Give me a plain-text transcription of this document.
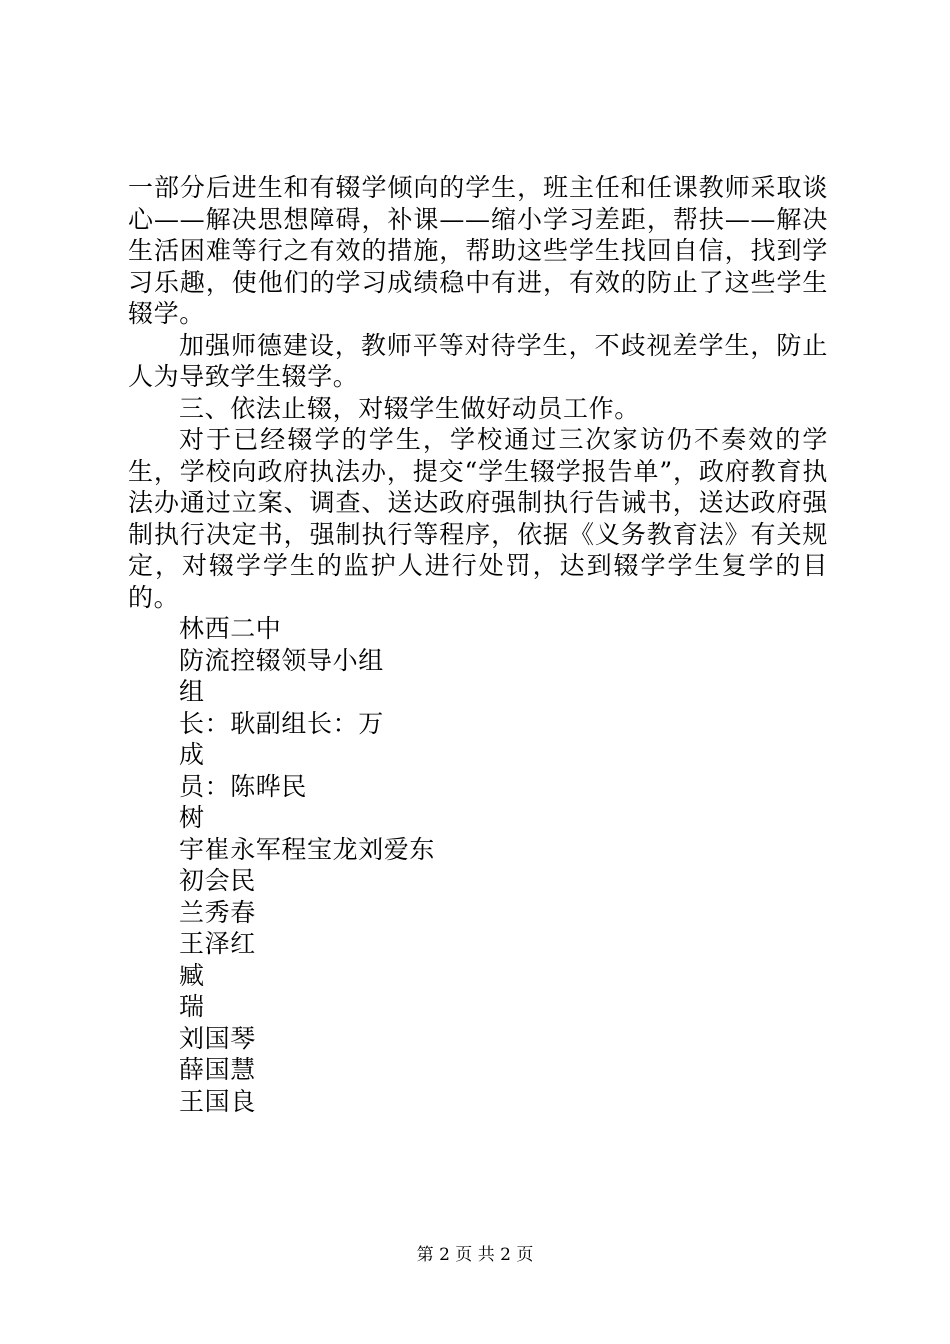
一部分后进生和有辍学倾向的学生，班主任和任课教师采取谈心——解决思想障碍，补课——缩小学习差距，帮扶——解决生活困难等行之有效的措施，帮助这些学生找回自信，找到学习乐趣，使他们的学习成绩稳中有进，有效的防止了这些学生辍学。

加强师德建设，教师平等对待学生，不歧视差学生，防止人为导致学生辍学。

三、依法止辍，对辍学生做好动员工作。

对于已经辍学的学生，学校通过三次家访仍不奏效的学生，学校向政府执法办，提交“学生辍学报告单”，政府教育执法办通过立案、调查、送达政府强制执行告诫书，送达政府强制执行决定书，强制执行等程序，依据《义务教育法》有关规定，对辍学学生的监护人进行处罚，达到辍学学生复学的目的。

林西二中

防流控辍领导小组

组

长：耿副组长：万

成

员：陈晔民

树

宇崔永军程宝龙刘爱东

初会民

兰秀春

王泽红

臧

瑞

刘国琴

薛国慧

王国良

第 2 页 共 2 页
